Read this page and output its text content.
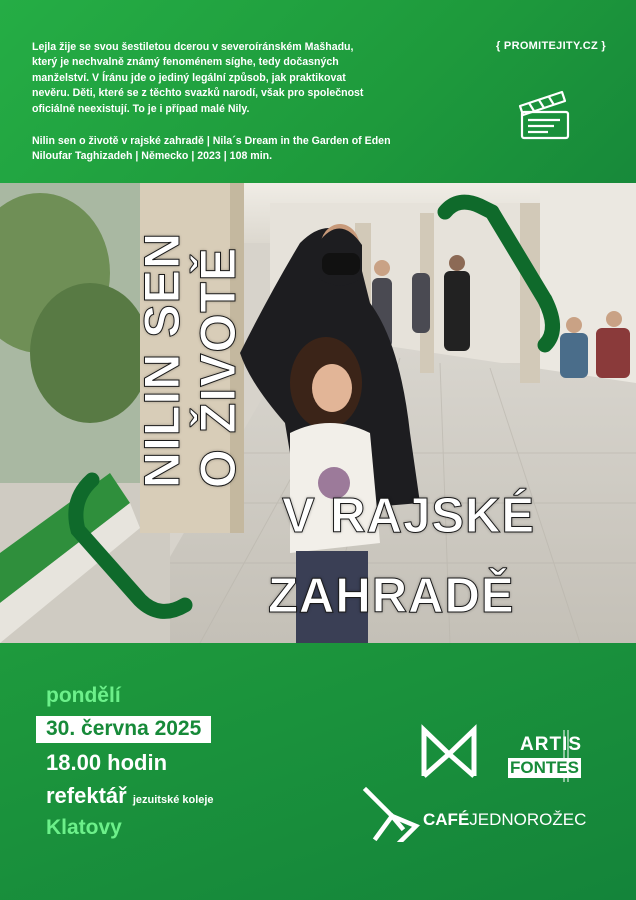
Lejla žije se svou šestiletou dcerou v severoíránském Mašhadu,
který je nechvalně známý fenoménem síghe, tedy dočasných
manželství. V Íránu jde o jediný legální způsob, jak praktikovat
nevěru. Děti, které se z těchto svazků narodí, však pro společnost
oficiálně neexistují. To je i případ malé Nily.
Nilin sen o životě v rajské zahradě | Nila´s Dream in the Garden of Eden
Niloufar Taghizadeh | Německo | 2023 | 108 min.
{ PROMITEJITY.CZ }
NILIN SEN O ŽIVOTĚ
V RAJSKÉ
ZAHRADĚ
pondělí
30. června 2025
18.00 hodin
refektář jezuitské koleje
Klatovy
ARTIS
FONTES
CAFÉJEDNOROŽEC
